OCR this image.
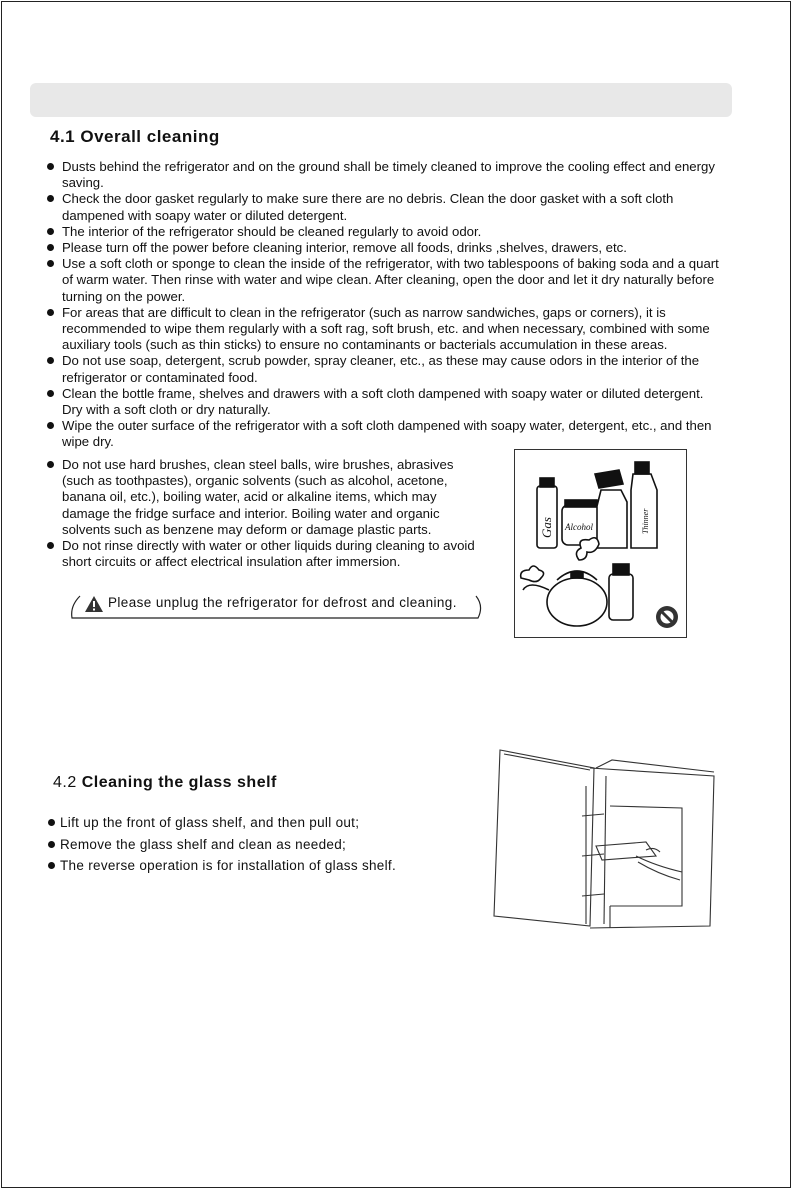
4.1 Overall cleaning
Dusts behind the refrigerator and on the ground shall be timely cleaned to improve the cooling effect and energy saving.
Check the door gasket regularly to make sure there are no debris. Clean the door gasket with a soft cloth dampened with soapy water or diluted detergent.
The interior of the refrigerator should be cleaned regularly to avoid odor.
Please turn off the power before cleaning interior, remove all foods, drinks ,shelves, drawers, etc.
Use a soft cloth or sponge to clean the inside of the refrigerator, with two tablespoons of baking soda and a quart of warm water. Then rinse with water and wipe clean. After cleaning, open the door and let it dry naturally before turning on the power.
For areas that are difficult to clean in the refrigerator (such as narrow sandwiches, gaps or corners), it is recommended to wipe them regularly with a soft rag, soft brush, etc. and when necessary, combined with some auxiliary tools (such as thin sticks) to ensure no contaminants or bacterials accumulation in these areas.
Do not use soap, detergent, scrub powder, spray cleaner, etc., as these may cause odors in the interior of the refrigerator or contaminated food.
Clean the bottle frame, shelves and drawers with a soft cloth dampened with soapy water or diluted detergent. Dry with a soft cloth or dry naturally.
Wipe the outer surface of the refrigerator with a soft cloth dampened with soapy water, detergent, etc., and then wipe dry.
Do not use hard brushes, clean steel balls, wire brushes, abrasives (such as toothpastes), organic solvents (such as alcohol, acetone, banana oil, etc.), boiling water, acid or alkaline items, which may damage the fridge surface and interior. Boiling water and organic solvents such as benzene may deform or damage plastic parts.
Do not rinse directly with water or other liquids during cleaning to avoid short circuits or affect electrical insulation after immersion.
Please unplug the refrigerator for defrost and cleaning.
Gas Alcohol	Thinner
4.2 Cleaning the glass shelf
Lift up the front of glass shelf, and then pull out;
Remove the glass shelf and clean as needed;
The reverse operation is for installation of glass shelf.
